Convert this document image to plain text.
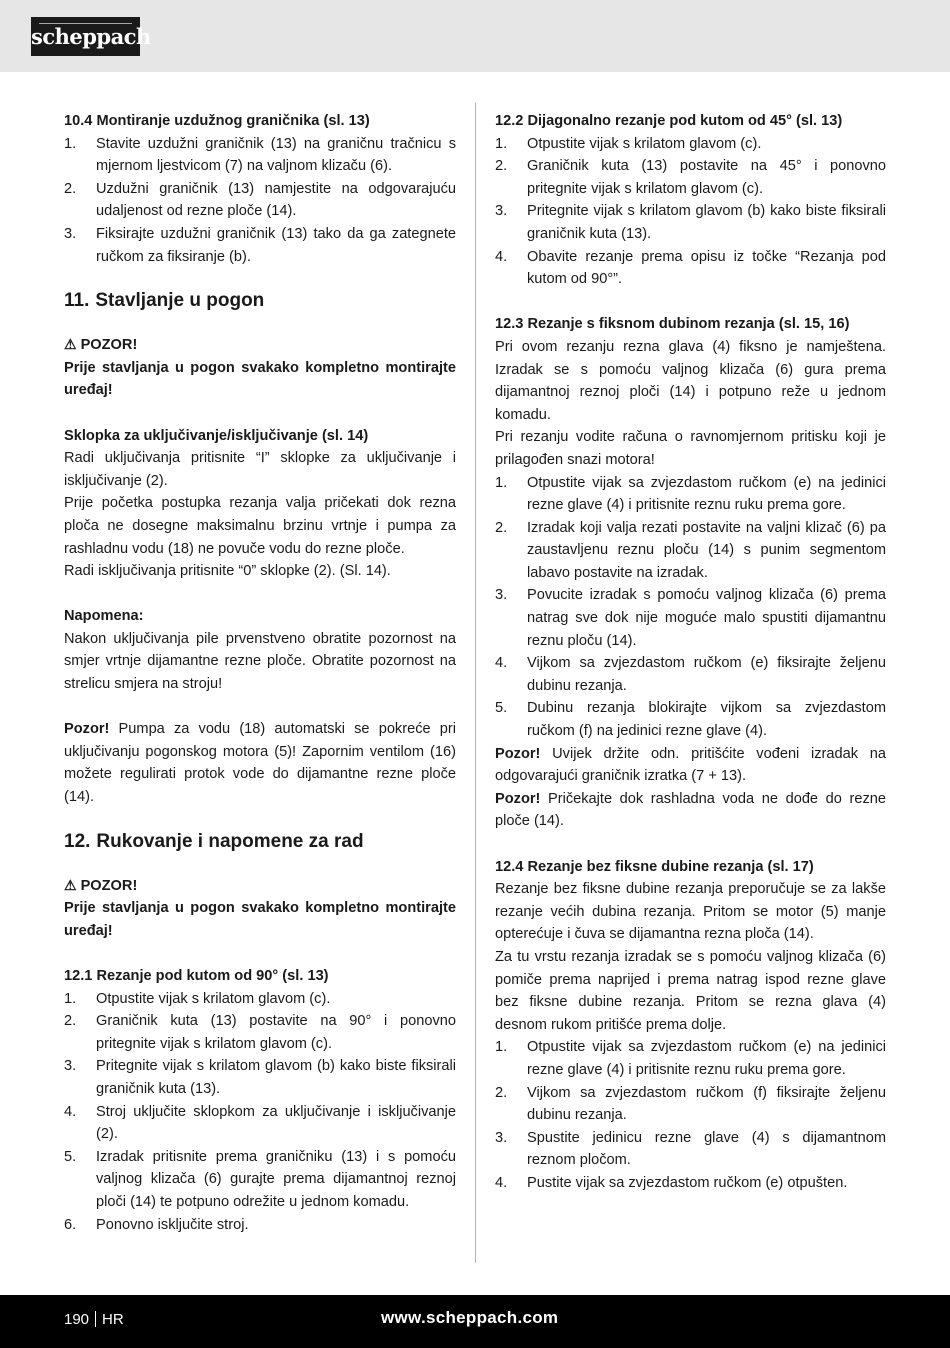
scheppach

10.4 Montiranje uzdužnog graničnika (sl. 13)

1. Stavite uzdužni graničnik (13) na graničnu tračnicu s mjernom ljestvicom (7) na valjnom klizaču (6).
2. Uzdužni graničnik (13) namjestite na odgovarajuću udaljenost od rezne ploče (14).
3. Fiksirajte uzdužni graničnik (13) tako da ga zategnete ručkom za fiksiranje (b).

11. Stavljanje u pogon

⚠ POZOR!

Prije stavljanja u pogon svakako kompletno montirajte uređaj!

Sklopka za uključivanje/isključivanje (sl. 14)

Radi uključivanja pritisnite “I” sklopke za uključivanje i isključivanje (2).

Prije početka postupka rezanja valja pričekati dok rezna ploča ne dosegne maksimalnu brzinu vrtnje i pumpa za rashladnu vodu (18) ne povuče vodu do rezne ploče.

Radi isključivanja pritisnite “0” sklopke (2). (Sl. 14).

Napomena:

Nakon uključivanja pile prvenstveno obratite pozornost na smjer vrtnje dijamantne rezne ploče. Obratite pozornost na strelicu smjera na stroju!

Pozor! Pumpa za vodu (18) automatski se pokreće pri uključivanju pogonskog motora (5)! Zapornim ventilom (16) možete regulirati protok vode do dijamantne rezne ploče (14).

12. Rukovanje i napomene za rad

⚠ POZOR!

Prije stavljanja u pogon svakako kompletno montirajte uređaj!

12.1 Rezanje pod kutom od 90° (sl. 13)

1. Otpustite vijak s krilatom glavom (c).
2. Graničnik kuta (13) postavite na 90° i ponovno pritegnite vijak s krilatom glavom (c).
3. Pritegnite vijak s krilatom glavom (b) kako biste fiksirali graničnik kuta (13).
4. Stroj uključite sklopkom za uključivanje i isključivanje (2).
5. Izradak pritisnite prema graničniku (13) i s pomoću valjnog klizača (6) gurajte prema dijamantnoj reznoj ploči (14) te potpuno odrežite u jednom komadu.
6. Ponovno isključite stroj.

12.2 Dijagonalno rezanje pod kutom od 45° (sl. 13)

1. Otpustite vijak s krilatom glavom (c).
2. Graničnik kuta (13) postavite na 45° i ponovno pritegnite vijak s krilatom glavom (c).
3. Pritegnite vijak s krilatom glavom (b) kako biste fiksirali graničnik kuta (13).
4. Obavite rezanje prema opisu iz točke “Rezanja pod kutom od 90°”.

12.3 Rezanje s fiksnom dubinom rezanja (sl. 15, 16)

Pri ovom rezanju rezna glava (4) fiksno je namještena. Izradak se s pomoću valjnog klizača (6) gura prema dijamantnoj reznoj ploči (14) i potpuno reže u jednom komadu.

Pri rezanju vodite računa o ravnomjernom pritisku koji je prilagođen snazi motora!

1. Otpustite vijak sa zvjezdastom ručkom (e) na jedinici rezne glave (4) i pritisnite reznu ruku prema gore.
2. Izradak koji valja rezati postavite na valjni klizač (6) pa zaustavljenu reznu ploču (14) s punim segmentom labavo postavite na izradak.
3. Povucite izradak s pomoću valjnog klizača (6) prema natrag sve dok nije moguće malo spustiti dijamantnu reznu ploču (14).
4. Vijkom sa zvjezdastom ručkom (e) fiksirajte željenu dubinu rezanja.
5. Dubinu rezanja blokirajte vijkom sa zvjezdastom ručkom (f) na jedinici rezne glave (4).

Pozor! Uvijek držite odn. pritišćite vođeni izradak na odgovarajući graničnik izratka (7 + 13).

Pozor! Pričekajte dok rashladna voda ne dođe do rezne ploče (14).

12.4 Rezanje bez fiksne dubine rezanja (sl. 17)

Rezanje bez fiksne dubine rezanja preporučuje se za lakše rezanje većih dubina rezanja. Pritom se motor (5) manje opterećuje i čuva se dijamantna rezna ploča (14).

Za tu vrstu rezanja izradak se s pomoću valjnog klizača (6) pomiče prema naprijed i prema natrag ispod rezne glave bez fiksne dubine rezanja. Pritom se rezna glava (4) desnom rukom pritišće prema dolje.

1. Otpustite vijak sa zvjezdastom ručkom (e) na jedinici rezne glave (4) i pritisnite reznu ruku prema gore.
2. Vijkom sa zvjezdastom ručkom (f) fiksirajte željenu dubinu rezanja.
3. Spustite jedinicu rezne glave (4) s dijamantnom reznom pločom.
4. Pustite vijak sa zvjezdastom ručkom (e) otpušten.
190 HR	www.scheppach.com
